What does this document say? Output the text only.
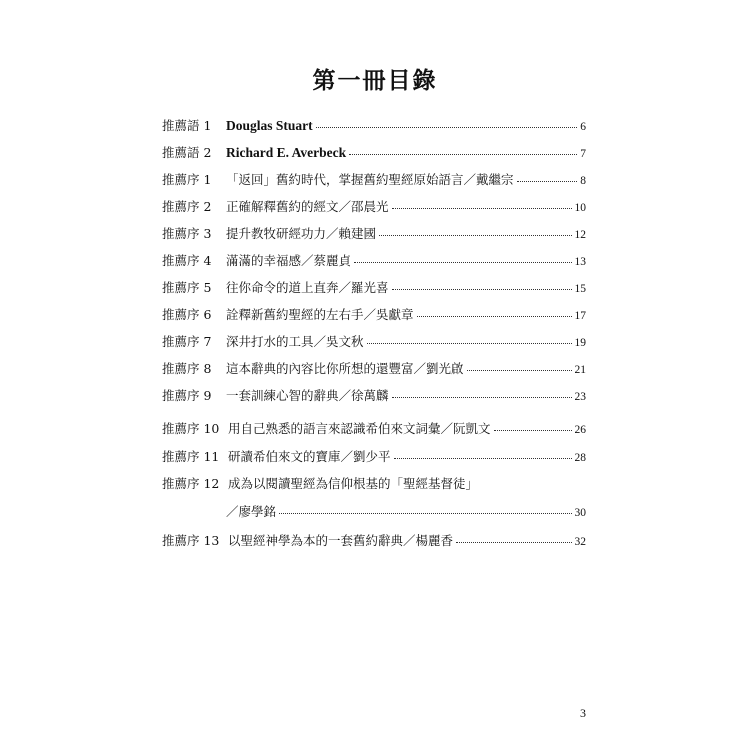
第一冊目錄
推薦語 1	Douglas Stuart	6
推薦語 2	Richard E. Averbeck	7
推薦序 1	「返回」舊約時代，掌握舊約聖經原始語言／戴繼宗	8
推薦序 2	正確解釋舊約的經文／邵晨光	10
推薦序 3	提升教牧研經功力／賴建國	12
推薦序 4	滿滿的幸福感／蔡麗貞	13
推薦序 5	往你命令的道上直奔／羅光喜	15
推薦序 6	詮釋新舊約聖經的左右手／吳獻章	17
推薦序 7	深井打水的工具／吳文秋	19
推薦序 8	這本辭典的內容比你所想的還豐富／劉光啟	21
推薦序 9	一套訓練心智的辭典／徐萬麟	23
推薦序 10 用自己熟悉的語言來認識希伯來文詞彙／阮凱文	26
推薦序 11 研讀希伯來文的寶庫／劉少平	28
推薦序 12 成為以閱讀聖經為信仰根基的「聖經基督徒」
／廖學銘	30
推薦序 13 以聖經神學為本的一套舊約辭典／楊麗香	32
3
